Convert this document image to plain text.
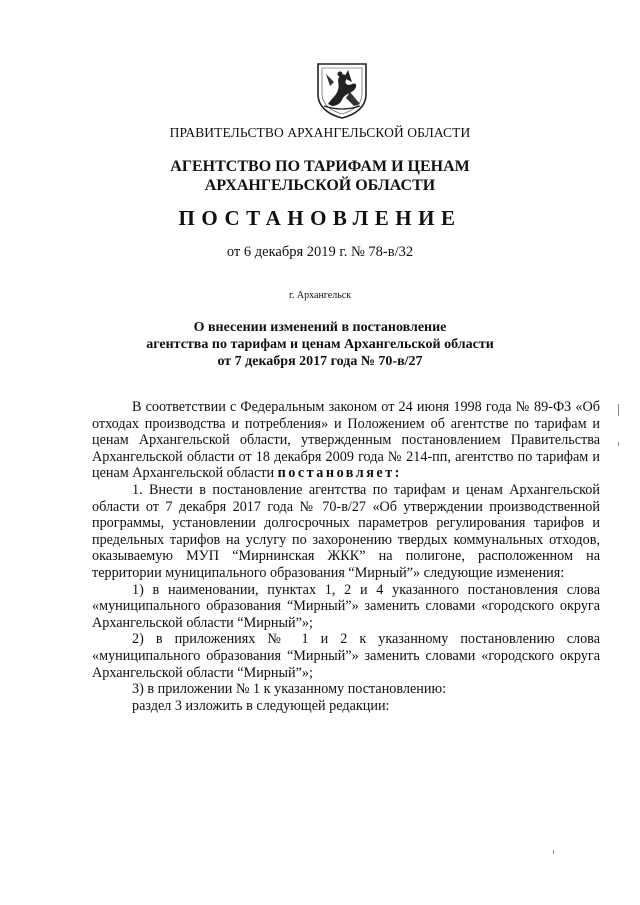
ПРАВИТЕЛЬСТВО АРХАНГЕЛЬСКОЙ ОБЛАСТИ
АГЕНТСТВО ПО ТАРИФАМ И ЦЕНАМ
АРХАНГЕЛЬСКОЙ ОБЛАСТИ
ПОСТАНОВЛЕНИЕ
от 6 декабря 2019 г. № 78-в/32
г. Архангельск
О внесении изменений в постановление
агентства по тарифам и ценам Архангельской области
от 7 декабря 2017 года № 70-в/27

В соответствии с Федеральным законом от 24 июня 1998 года № 89-ФЗ «Об отходах производства и потребления» и Положением об агентстве по тарифам и ценам Архангельской области, утвержденным постановлением Правительства Архангельской области от 18 декабря 2009 года № 214-пп, агентство по тарифам и ценам Архангельской области постановляет:

1. Внести в постановление агентства по тарифам и ценам Архангельской области от 7 декабря 2017 года № 70-в/27 «Об утверждении производственной программы, установлении долгосрочных параметров регулирования тарифов и предельных тарифов на услугу по захоронению твердых коммунальных отходов, оказываемую МУП “Мирнинская ЖКК” на полигоне, расположенном на территории муниципального образования “Мирный”» следующие изменения:

1) в наименовании, пунктах 1, 2 и 4 указанного постановления слова «муниципального образования “Мирный”» заменить словами «городского округа Архангельской области “Мирный”»;

2) в приложениях № 1 и 2 к указанному постановлению слова «муниципального образования “Мирный”» заменить словами «городского округа Архангельской области “Мирный”»;

3) в приложении № 1 к указанному постановлению:

раздел 3 изложить в следующей редакции:
